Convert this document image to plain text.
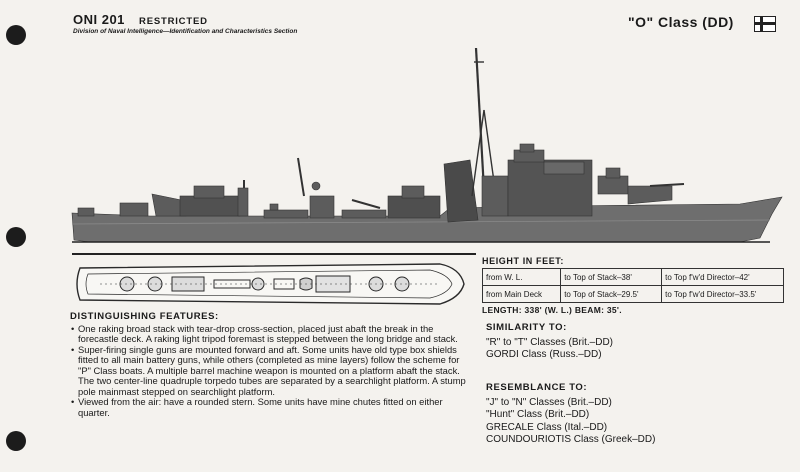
ONI 201 RESTRICTED
Division of Naval Intelligence—Identification and Characteristics Section
"O" Class (DD)
HEIGHT IN FEET:
from W. L.	to Top of Stack–38'	to Top f'w'd Director–42'
from Main Deck	to Top of Stack–29.5'	to Top f'w'd Director–33.5'
LENGTH: 338' (W. L.) BEAM: 35'.
DISTINGUISHING FEATURES:
• One raking broad stack with tear-drop cross-section, placed just abaft the break in the forecastle deck. A raking light tripod foremast is stepped between the long bridge and stack.
• Super-firing single guns are mounted forward and aft. Some units have old type box shields fitted to all main battery guns, while others (completed as mine layers) follow the scheme for "P" Class boats. A multiple barrel machine weapon is mounted on a platform abaft the stack. The two center-line quadruple torpedo tubes are separated by a searchlight platform. A stump pole mainmast stepped on searchlight platform.
• Viewed from the air: have a rounded stern. Some units have mine chutes fitted on either quarter.
SIMILARITY TO:
"R" to "T" Classes (Brit.–DD)
GORDI Class (Russ.–DD)
RESEMBLANCE TO:
"J" to "N" Classes (Brit.–DD)
"Hunt" Class (Brit.–DD)
GRECALE Class (Ital.–DD)
COUNDOURIOTIS Class (Greek–DD)
